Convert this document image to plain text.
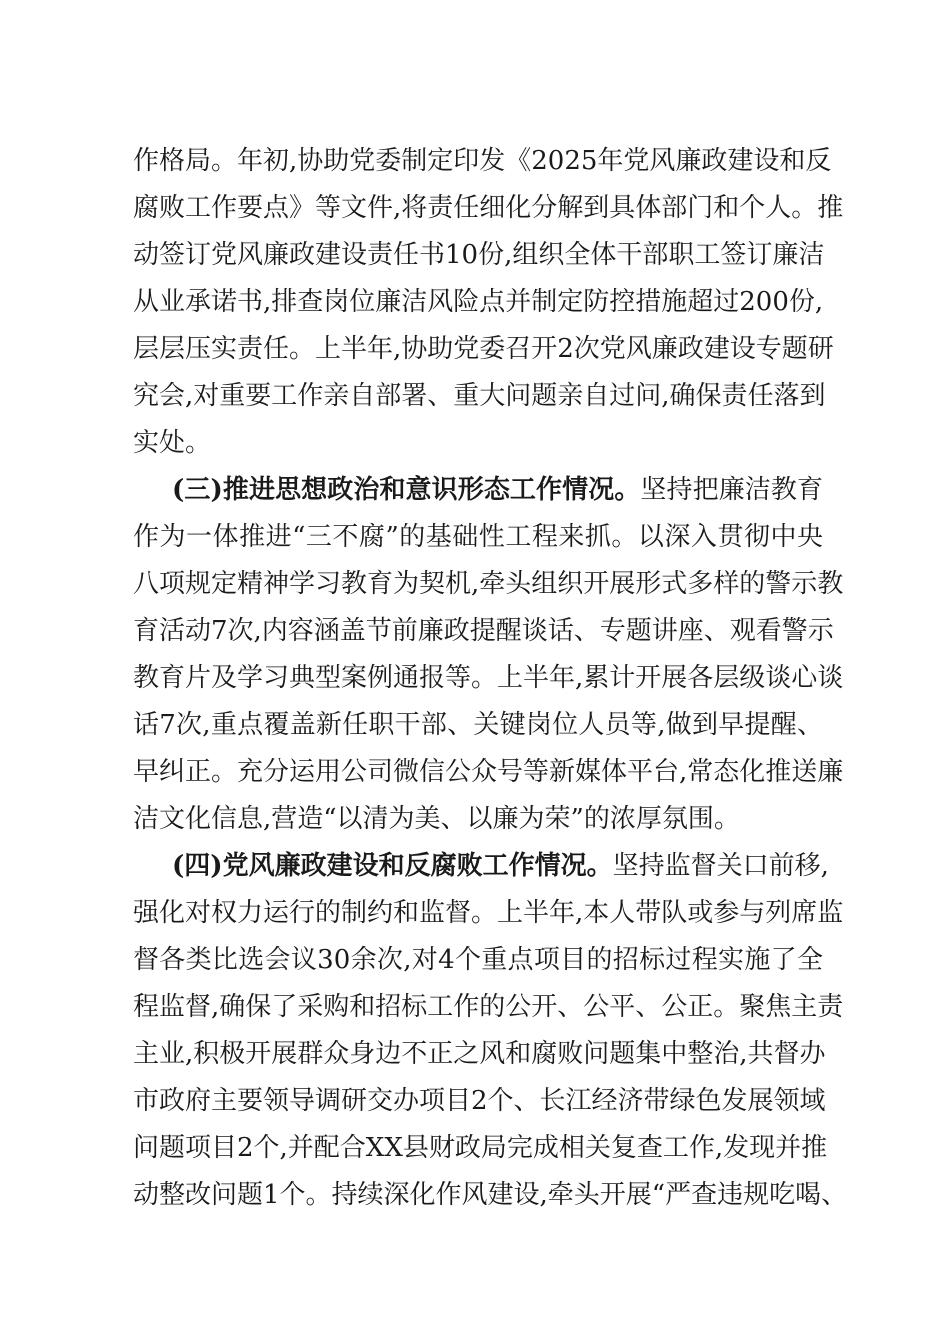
作格局。年初,协助党委制定印发《2025年党风廉政建设和反
腐败工作要点》等文件,将责任细化分解到具体部门和个人。推
动签订党风廉政建设责任书10份,组织全体干部职工签订廉洁
从业承诺书,排查岗位廉洁风险点并制定防控措施超过200份,
层层压实责任。上半年,协助党委召开2次党风廉政建设专题研
究会,对重要工作亲自部署、重大问题亲自过问,确保责任落到
实处。
(三)推进思想政治和意识形态工作情况。坚持把廉洁教育
作为一体推进“三不腐”的基础性工程来抓。以深入贯彻中央
八项规定精神学习教育为契机,牵头组织开展形式多样的警示教
育活动7次,内容涵盖节前廉政提醒谈话、专题讲座、观看警示
教育片及学习典型案例通报等。上半年,累计开展各层级谈心谈
话7次,重点覆盖新任职干部、关键岗位人员等,做到早提醒、
早纠正。充分运用公司微信公众号等新媒体平台,常态化推送廉
洁文化信息,营造“以清为美、以廉为荣”的浓厚氛围。
(四)党风廉政建设和反腐败工作情况。坚持监督关口前移,
强化对权力运行的制约和监督。上半年,本人带队或参与列席监
督各类比选会议30余次,对4个重点项目的招标过程实施了全
程监督,确保了采购和招标工作的公开、公平、公正。聚焦主责
主业,积极开展群众身边不正之风和腐败问题集中整治,共督办
市政府主要领导调研交办项目2个、长江经济带绿色发展领域
问题项目2个,并配合XX县财政局完成相关复查工作,发现并推
动整改问题1个。持续深化作风建设,牵头开展“严查违规吃喝、
